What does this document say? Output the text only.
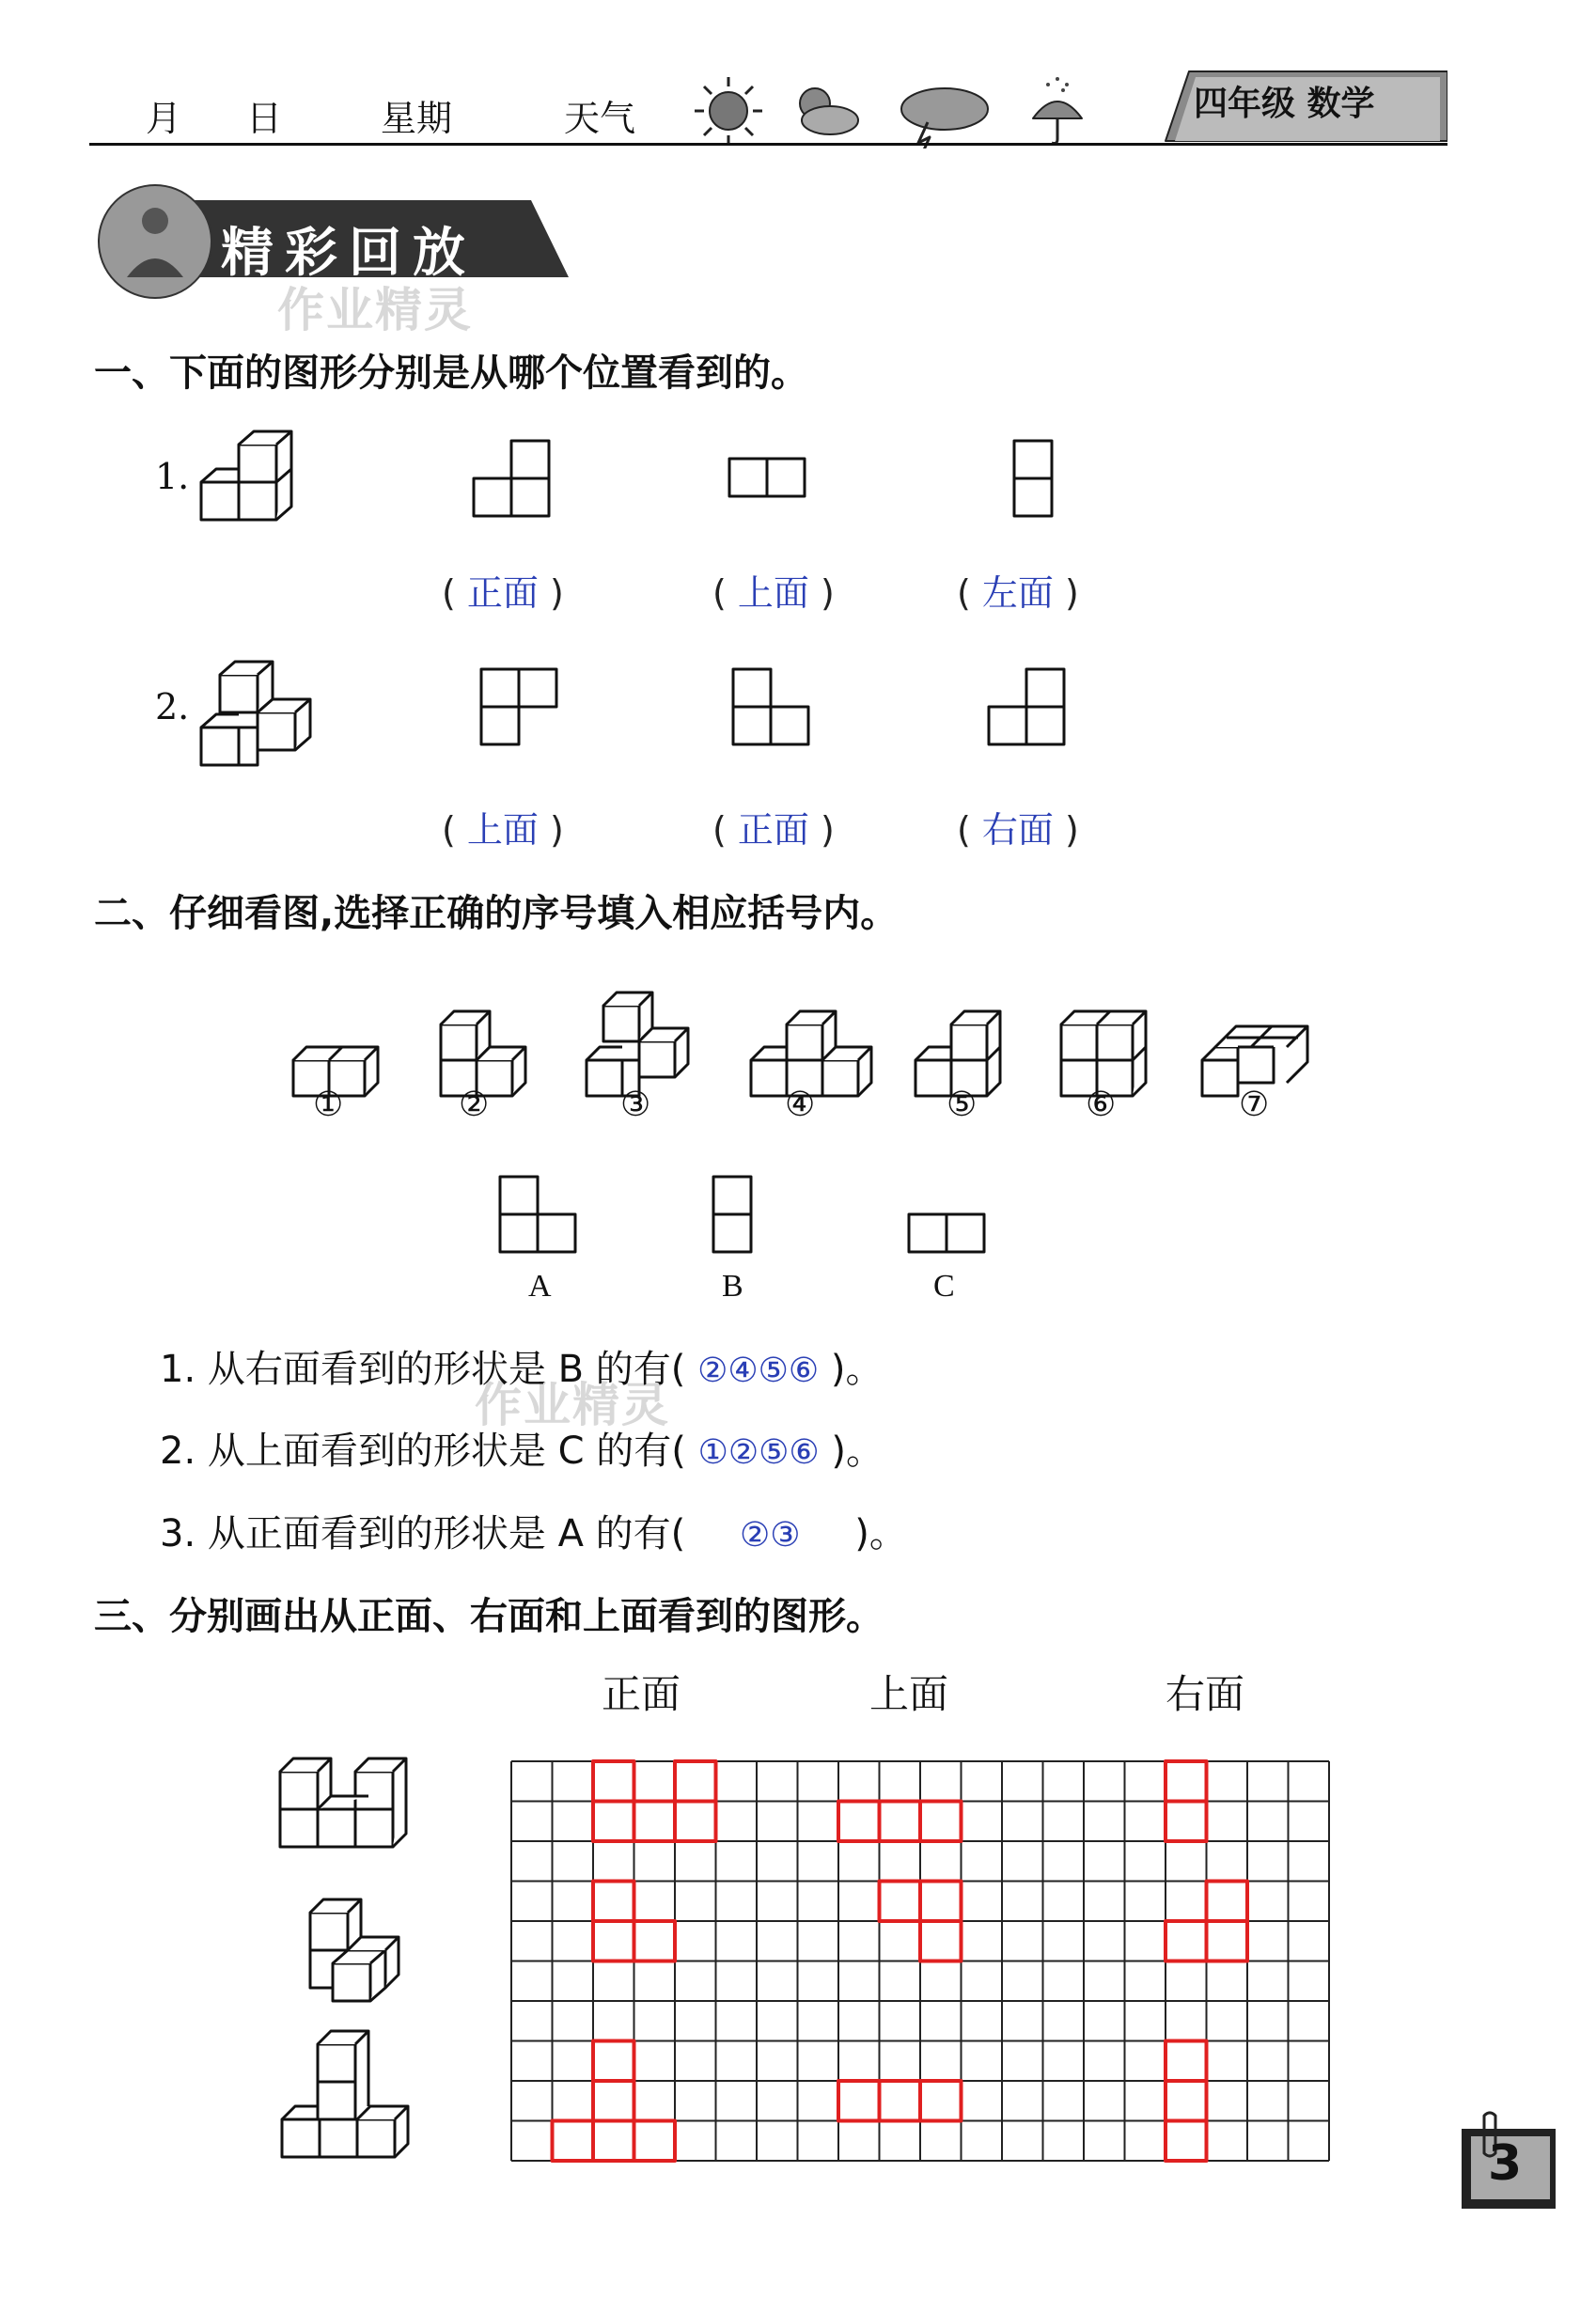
月 日	星期	天气	四年级 数学
精彩回放
作业精灵
一、下面的图形分别是从哪个位置看到的。
1.
( 正面 )	( 上面 )	( 左面 )
2.
( 上面 )	( 正面 )	( 右面 )
二、仔细看图,选择正确的序号填入相应括号内。
①	②	③	④	⑤	⑥	⑦
A	B	C
作业精灵
1. 从右面看到的形状是 B 的有( ②④⑤⑥ )。
2. 从上面看到的形状是 C 的有( ①②⑤⑥ )。
3. 从正面看到的形状是 A 的有( ②③ )。
三、分别画出从正面、右面和上面看到的图形。
正面	上面	右面
3
